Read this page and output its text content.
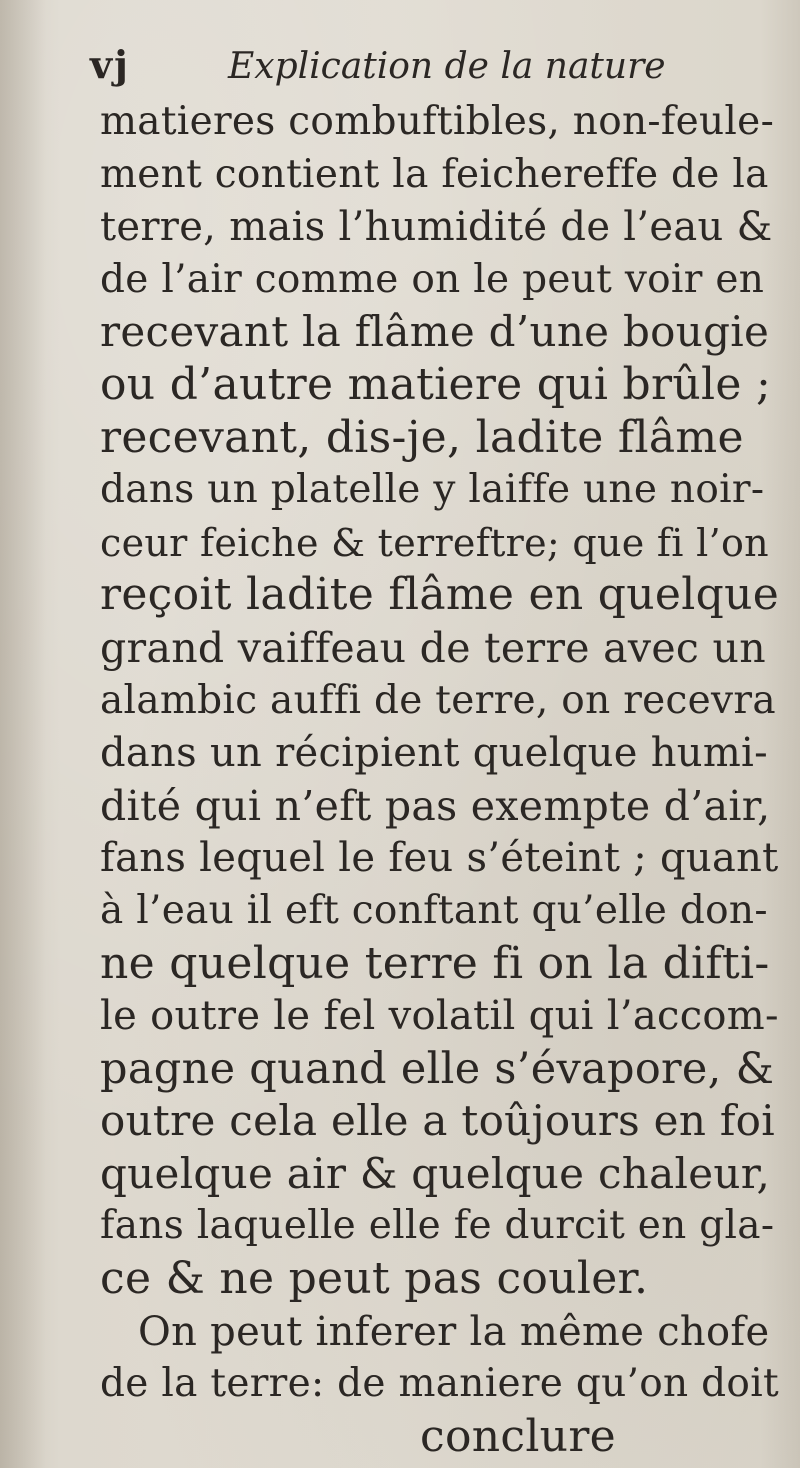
vj	Explication de la nature
matieres combuftibles, non-feule-
ment contient la feichereffe de la
terre, mais l’humidité de l’eau &
de l’air comme on le peut voir en
recevant la flâme d’une bougie
ou d’autre matiere qui brûle ;
recevant, dis-je, ladite flâme
dans un platelle y laiffe une noir-
ceur feiche & terreftre; que fi l’on
reçoit ladite flâme en quelque
grand vaiffeau de terre avec un
alambic auffi de terre, on recevra
dans un récipient quelque humi-
dité qui n’eft pas exempte d’air,
fans lequel le feu s’éteint ; quant
à l’eau il eft conftant qu’elle don-
ne quelque terre fi on la difti-
le outre le fel volatil qui l’accom-
pagne quand elle s’évapore, &
outre cela elle a toûjours en foi
quelque air & quelque chaleur,
fans laquelle elle fe durcit en gla-
ce & ne peut pas couler.
On peut inferer la même chofe
de la terre: de maniere qu’on doit
conclure
